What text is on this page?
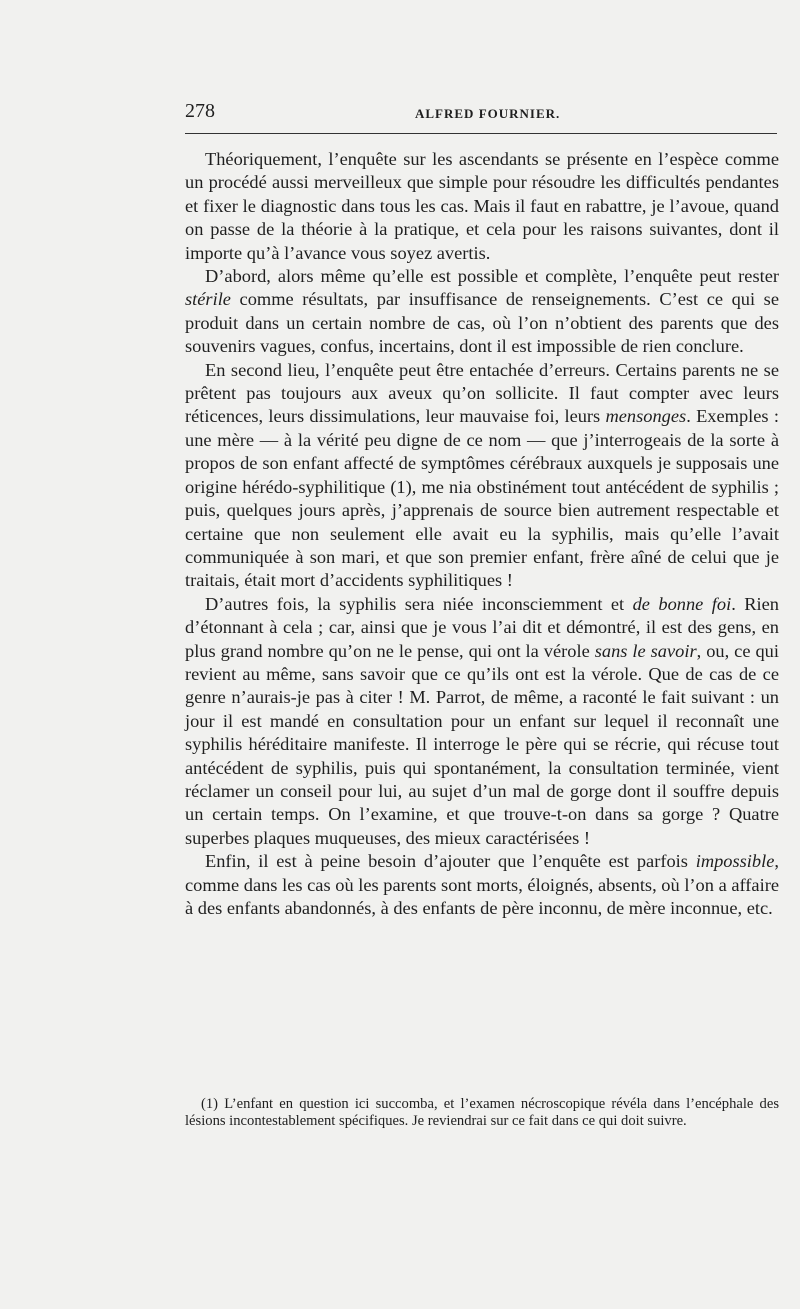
278	ALFRED FOURNIER.

Théoriquement, l’enquête sur les ascendants se présente en l’espèce comme un procédé aussi merveilleux que simple pour résoudre les difficultés pendantes et fixer le diagnostic dans tous les cas. Mais il faut en rabattre, je l’avoue, quand on passe de la théorie à la pratique, et cela pour les raisons suivantes, dont il importe qu’à l’avance vous soyez avertis.

D’abord, alors même qu’elle est possible et complète, l’enquête peut rester stérile comme résultats, par insuffisance de renseignements. C’est ce qui se produit dans un certain nombre de cas, où l’on n’obtient des parents que des souvenirs vagues, confus, incertains, dont il est impossible de rien conclure.

En second lieu, l’enquête peut être entachée d’erreurs. Certains parents ne se prêtent pas toujours aux aveux qu’on sollicite. Il faut compter avec leurs réticences, leurs dissimulations, leur mauvaise foi, leurs mensonges. Exemples : une mère — à la vérité peu digne de ce nom — que j’interrogeais de la sorte à propos de son enfant affecté de symptômes cérébraux auxquels je supposais une origine hérédo-syphilitique (1), me nia obstinément tout antécédent de syphilis ; puis, quelques jours après, j’apprenais de source bien autrement respectable et certaine que non seulement elle avait eu la syphilis, mais qu’elle l’avait communiquée à son mari, et que son premier enfant, frère aîné de celui que je traitais, était mort d’accidents syphilitiques !

D’autres fois, la syphilis sera niée inconsciemment et de bonne foi. Rien d’étonnant à cela ; car, ainsi que je vous l’ai dit et démontré, il est des gens, en plus grand nombre qu’on ne le pense, qui ont la vérole sans le savoir, ou, ce qui revient au même, sans savoir que ce qu’ils ont est la vérole. Que de cas de ce genre n’aurais-je pas à citer ! M. Parrot, de même, a raconté le fait suivant : un jour il est mandé en consultation pour un enfant sur lequel il reconnaît une syphilis héréditaire manifeste. Il interroge le père qui se récrie, qui récuse tout antécédent de syphilis, puis qui spontanément, la consultation terminée, vient réclamer un conseil pour lui, au sujet d’un mal de gorge dont il souffre depuis un certain temps. On l’examine, et que trouve-t-on dans sa gorge ? Quatre superbes plaques muqueuses, des mieux caractérisées !

Enfin, il est à peine besoin d’ajouter que l’enquête est parfois impossible, comme dans les cas où les parents sont morts, éloignés, absents, où l’on a affaire à des enfants abandonnés, à des enfants de père inconnu, de mère inconnue, etc.

(1) L’enfant en question ici succomba, et l’examen nécroscopique révéla dans l’encéphale des lésions incontestablement spécifiques. Je reviendrai sur ce fait dans ce qui doit suivre.
